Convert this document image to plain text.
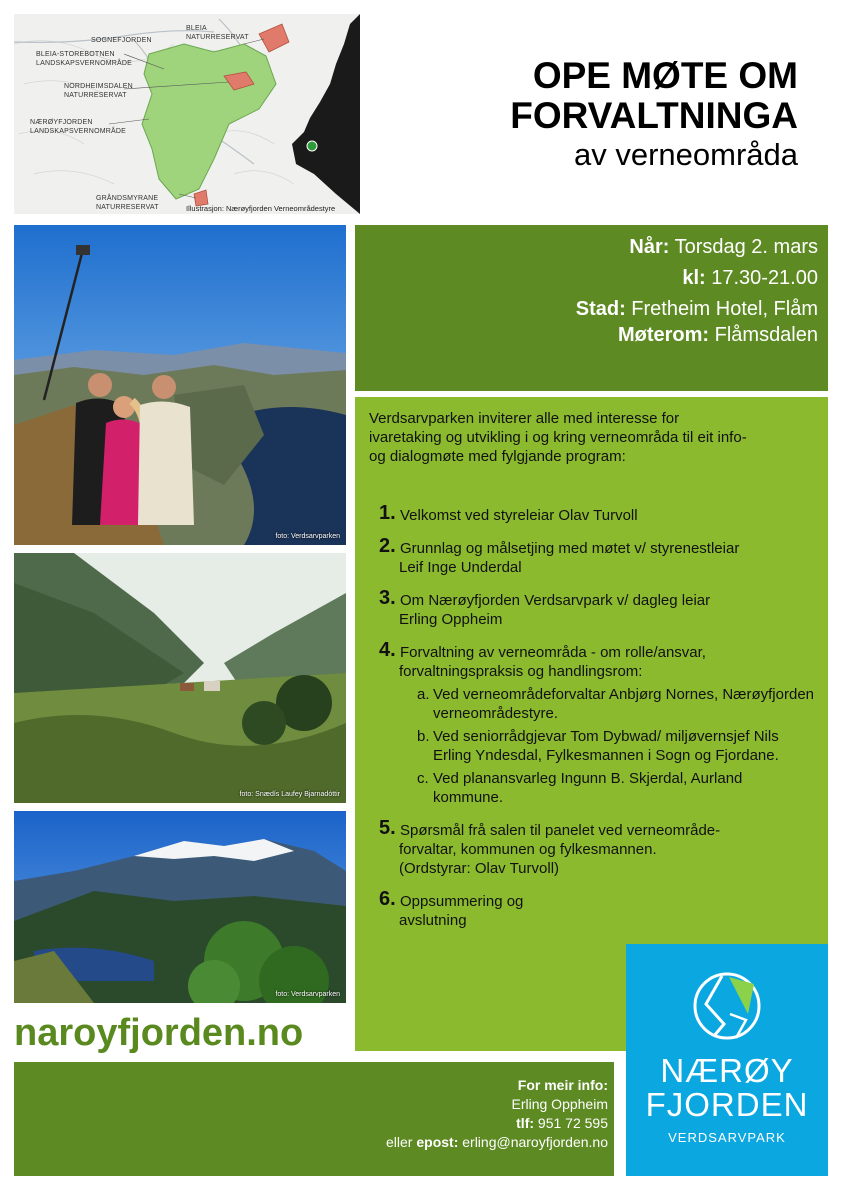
SOGNEFJORDEN
BLEIA
NATURRESERVAT
BLEIA-STOREBOTNEN
LANDSKAPSVERNOMRÅDE
NORDHEIMSDALEN
NATURRESERVAT
NÆRØYFJORDEN
LANDSKAPSVERNOMRÅDE
GRÅNDSMYRANE
NATURRESERVAT	Illustrasjon: Nærøyfjorden Verneområdestyre
OPE MØTE OM
FORVALTNINGA
av verneområda
foto: Verdsarvparken
foto: Snædís Laufey Bjarnadóttir
foto: Verdsarvparken
Når: Torsdag 2. mars
kl: 17.30-21.00
Stad: Fretheim Hotel, Flåm
Møterom: Flåmsdalen

Verdsarvparken inviterer alle med interesse for ivaretaking og utvikling i og kring verneområda til eit info- og dialogmøte med fylgjande program:

1. Velkomst ved styreleiar Olav Turvoll
2. Grunnlag og målsetjing med møtet v/ styrenestleiar
Leif Inge Underdal
3. Om Nærøyfjorden Verdsarvpark v/ dagleg leiar
Erling Oppheim
4. Forvaltning av verneområda - om rolle/ansvar,
forvaltningspraksis og handlingsrom:
a. Ved verneområdeforvaltar Anbjørg Nornes, Nærøyfjorden verneområdestyre.
b. Ved seniorrådgjevar Tom Dybwad/ miljøvernsjef Nils Erling Yndesdal, Fylkesmannen i Sogn og Fjordane.
c. Ved planansvarleg Ingunn B. Skjerdal, Aurland kommune.
5. Spørsmål frå salen til panelet ved verneområde-
forvaltar, kommunen og fylkesmannen.
(Ordstyrar: Olav Turvoll)
6. Oppsummering og
avslutning
naroyfjorden.no
For meir info:
Erling Oppheim
tlf: 951 72 595
eller epost: erling@naroyfjorden.no
NÆRØY
FJORDEN
VERDSARVPARK
